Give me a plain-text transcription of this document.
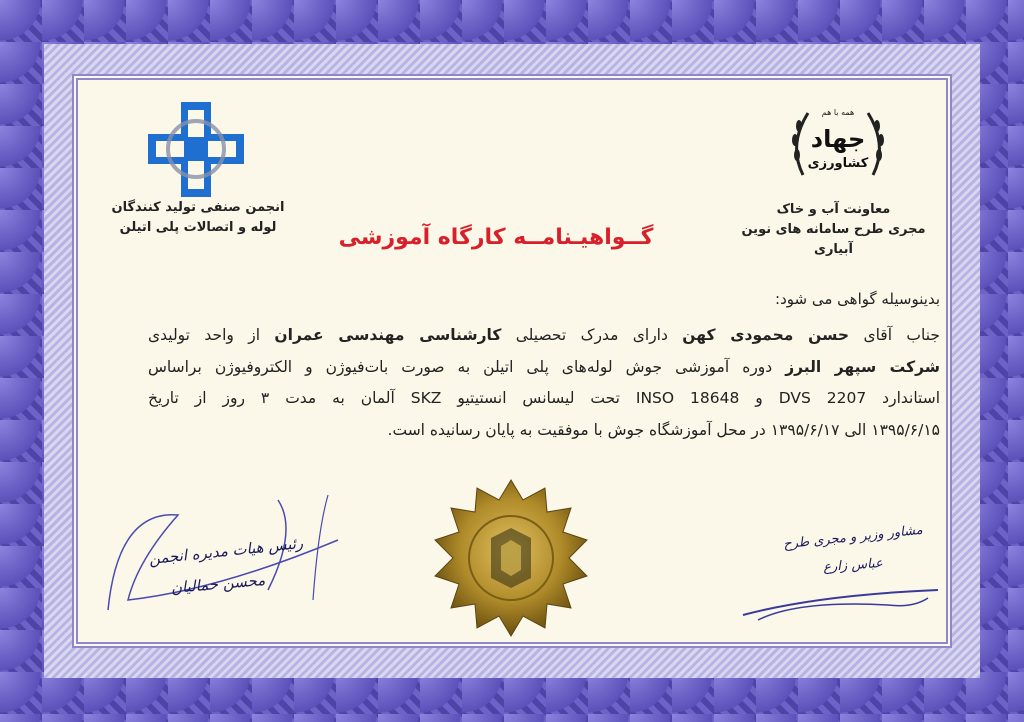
انجمن صنفی تولید کنندگان
لوله و اتصالات پلی اتیلن
همه با هم
جهاد
کشاورزی
معاونت آب و خاک
مجری طرح سامانه های نوین آبیاری
گــواهیـنامــه کارگاه آموزشی
بدینوسیله گواهی می شود:
جناب آقای حسن محمودی کهن دارای مدرک تحصیلی کارشناسی مهندسی عمران از واحد تولیدی
شرکت سپهر البرز دوره آموزشی جوش لوله‌های پلی اتیلن به صورت بات‌فیوژن و الکتروفیوژن براساس
استاندارد DVS 2207 و INSO 18648 تحت لیسانس انستیتیو SKZ آلمان به مدت ۳ روز از تاریخ
۱۳۹۵/۶/۱۵ الی ۱۳۹۵/۶/۱۷ در محل آموزشگاه جوش با موفقیت به پایان رسانیده است.
رئیس هیات مدیره انجمن
محسن حمالیان
مشاور وزیر و مجری طرح
عباس زارع
